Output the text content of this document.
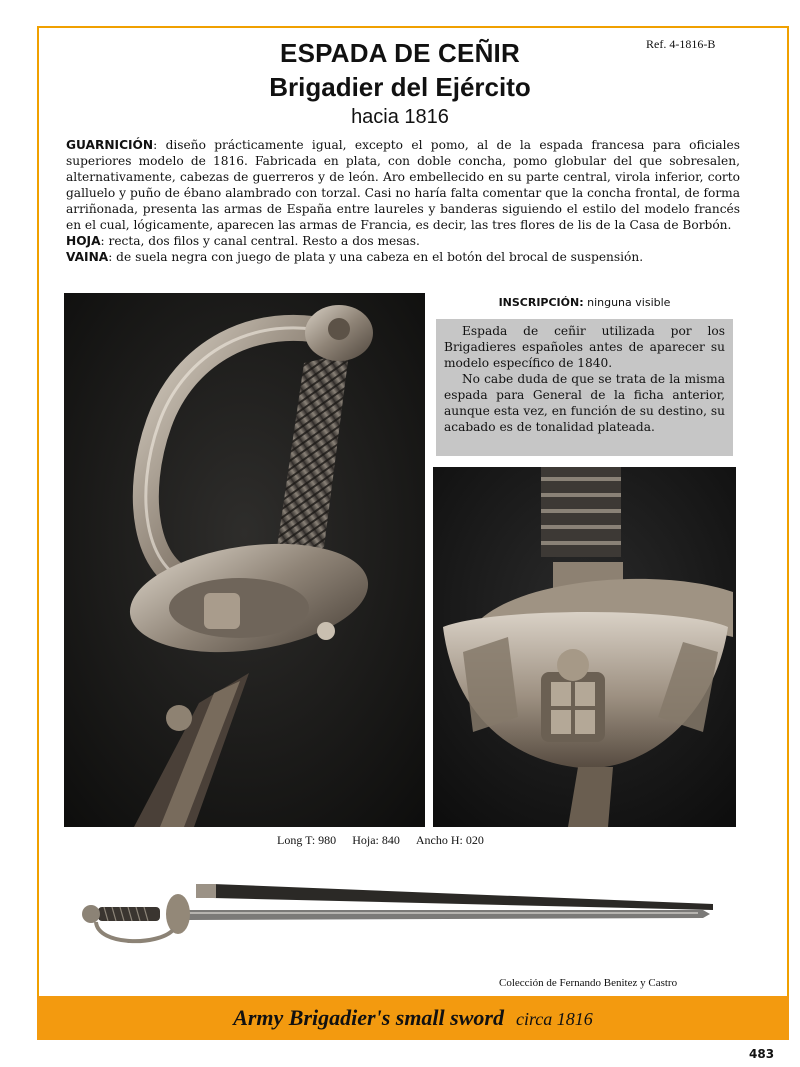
Ref. 4-1816-B
ESPADA DE CEÑIR
Brigadier del Ejército
hacia 1816

GUARNICIÓN: diseño prácticamente igual, excepto el pomo, al de la espada francesa para oficiales superiores modelo de 1816. Fabricada en plata, con doble concha, pomo globular del que sobresalen, alternativamente, cabezas de guerreros y de león. Aro embellecido en su parte central, virola inferior, corto galluelo y puño de ébano alambrado con torzal. Casi no haría falta comentar que la concha frontal, de forma arriñonada, presenta las armas de España entre laureles y banderas siguiendo el estilo del modelo francés en el cual, lógicamente, aparecen las armas de Francia, es decir, las tres flores de lis de la Casa de Borbón.

HOJA: recta, dos filos y canal central. Resto a dos mesas.

VAINA: de suela negra con juego de plata y una cabeza en el botón del brocal de suspensión.

INSCRIPCIÓN: ninguna visible

Espada de ceñir utilizada por los Brigadieres españoles antes de aparecer su modelo específico de 1840.

No cabe duda de que se trata de la misma espada para General de la ficha anterior, aunque esta vez, en función de su destino, su acabado es de tonalidad plateada.

Long T: 980 Hoja: 840 Ancho H: 020
Colección de Fernando Benitez y Castro
Army Brigadier's small sword circa 1816
483
